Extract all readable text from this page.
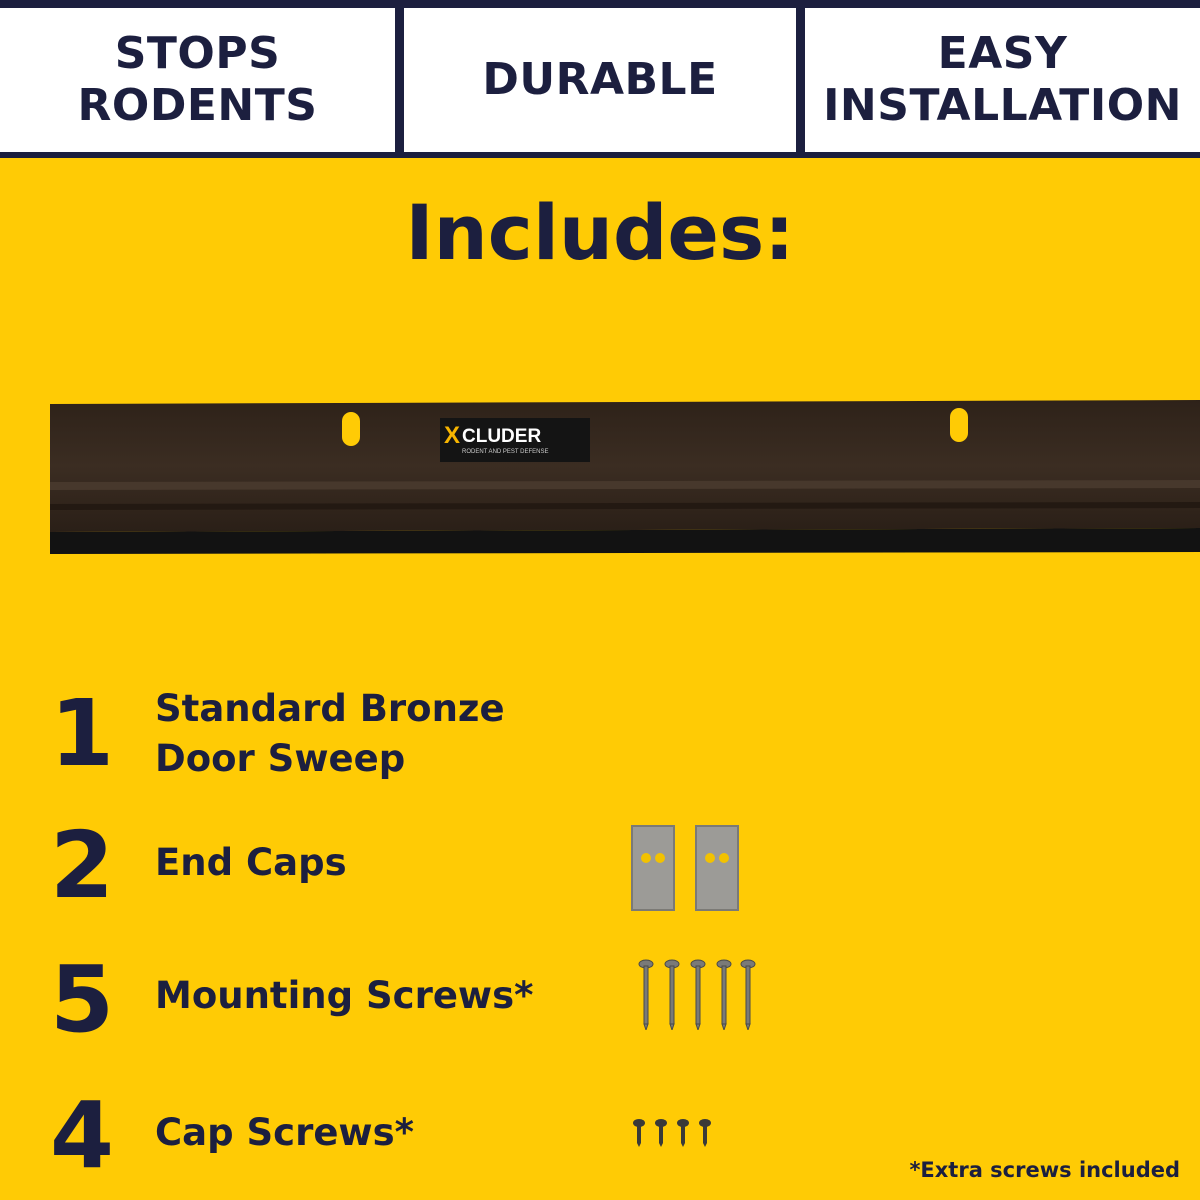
STOPS
RODENTS
DURABLE
EASY
INSTALLATION
Includes:
X CLUDER
RODENT AND PEST DEFENSE
1	Standard Bronze
Door Sweep
2	End Caps
5	Mounting Screws*
4	Cap Screws*
*Extra screws included
